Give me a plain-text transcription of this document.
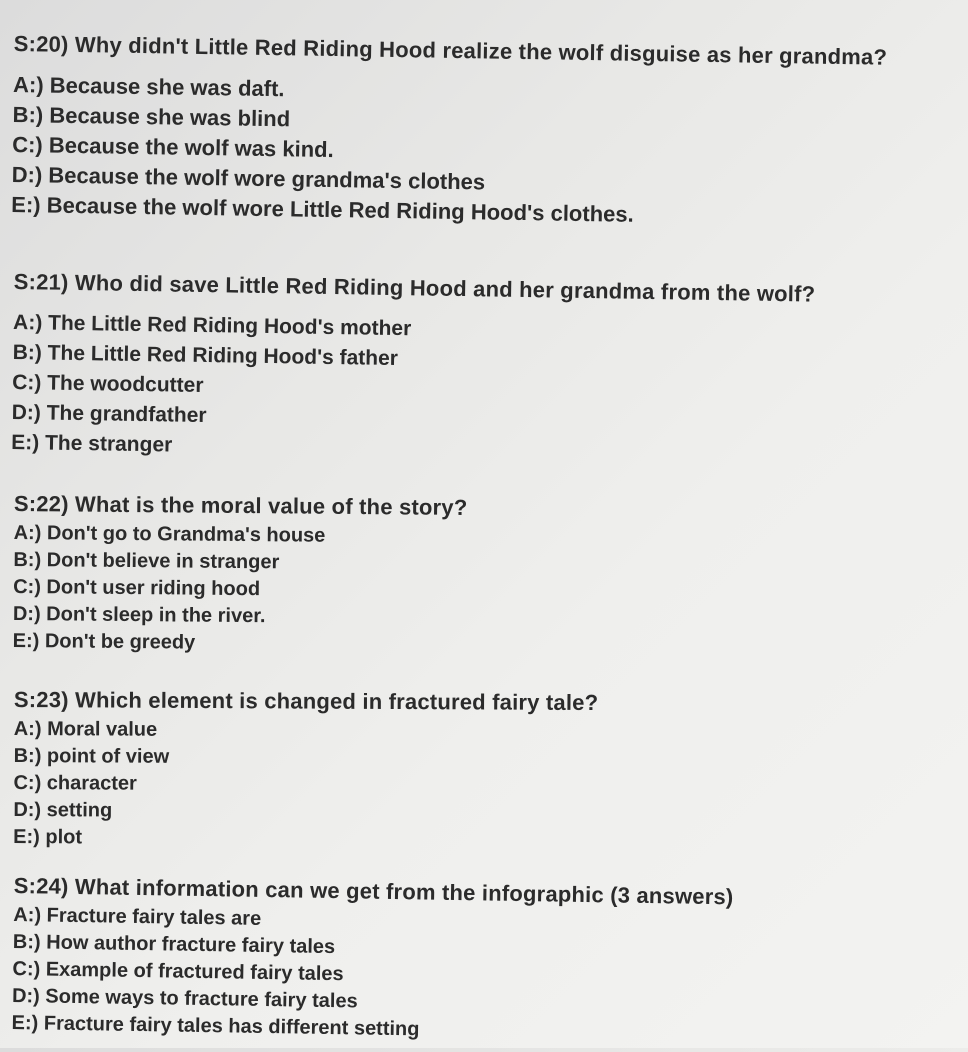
S:20) Why didn't Little Red Riding Hood realize the wolf disguise as her grandma?
A:) Because she was daft.
B:) Because she was blind
C:) Because the wolf was kind.
D:) Because the wolf wore grandma's clothes
E:) Because the wolf wore Little Red Riding Hood's clothes.
S:21) Who did save Little Red Riding Hood and her grandma from the wolf?
A:) The Little Red Riding Hood's mother
B:) The Little Red Riding Hood's father
C:) The woodcutter
D:) The grandfather
E:) The stranger
S:22) What is the moral value of the story?
A:) Don't go to Grandma's house
B:) Don't believe in stranger
C:) Don't user riding hood
D:) Don't sleep in the river.
E:) Don't be greedy
S:23) Which element is changed in fractured fairy tale?
A:) Moral value
B:) point of view
C:) character
D:) setting
E:) plot
S:24) What information can we get from the infographic (3 answers)
A:) Fracture fairy tales are
B:) How author fracture fairy tales
C:) Example of fractured fairy tales
D:) Some ways to fracture fairy tales
E:) Fracture fairy tales has different setting
